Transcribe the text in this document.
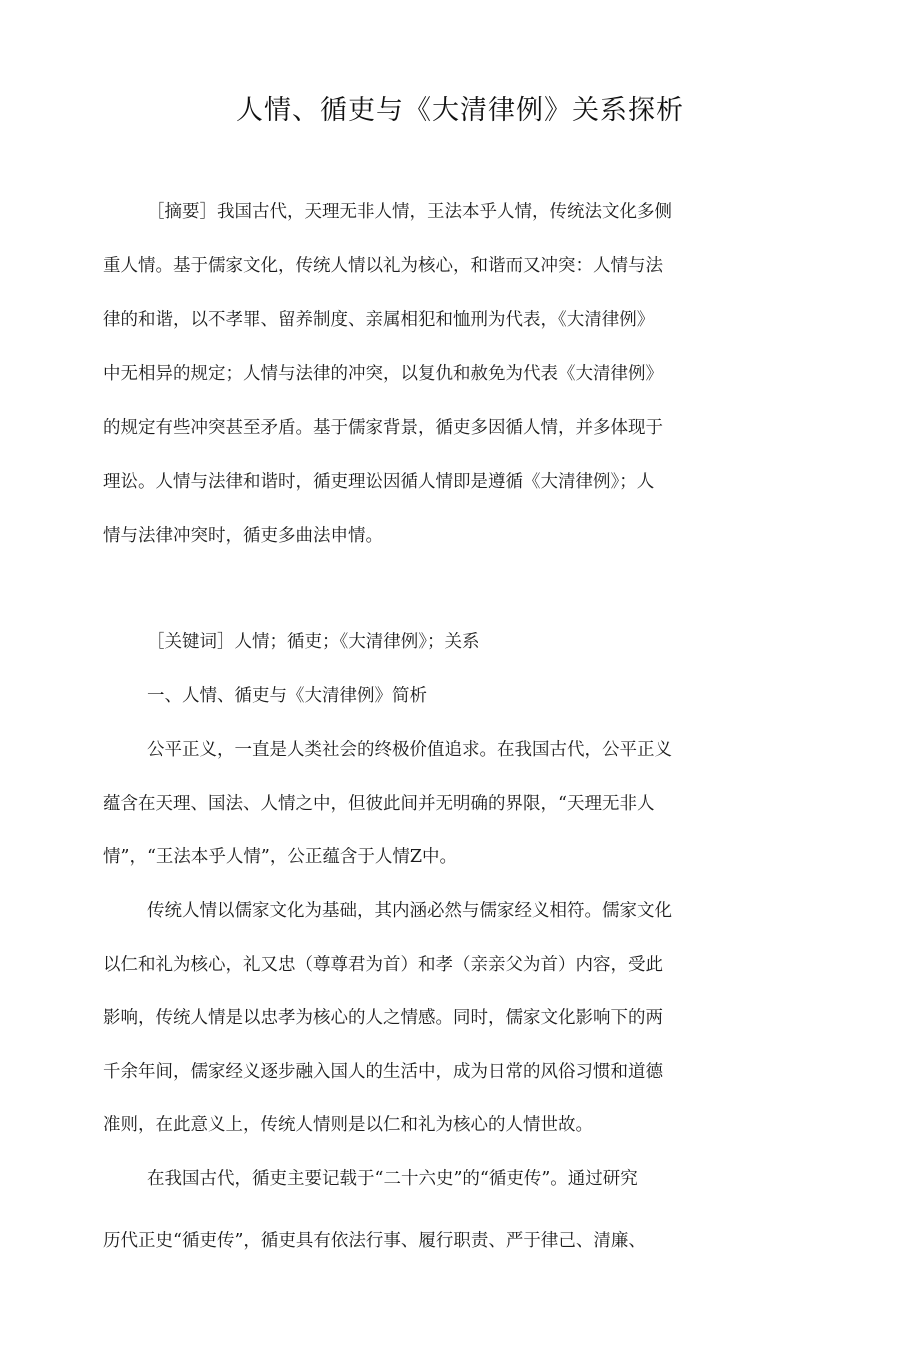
人情、循吏与《大清律例》关系探析
［摘要］我国古代，天理无非人情，王法本乎人情，传统法文化多侧
重人情。基于儒家文化，传统人情以礼为核心，和谐而又冲突：人情与法
律的和谐，以不孝罪、留养制度、亲属相犯和恤刑为代表，《大清律例》
中无相异的规定；人情与法律的冲突，以复仇和赦免为代表《大清律例》
的规定有些冲突甚至矛盾。基于儒家背景，循吏多因循人情，并多体现于
理讼。人情与法律和谐时，循吏理讼因循人情即是遵循《大清律例》；人
情与法律冲突时，循吏多曲法申情。
［关键词］人情；循吏；《大清律例》；关系
一、人情、循吏与《大清律例》简析
公平正义，一直是人类社会的终极价值追求。在我国古代，公平正义
蕴含在天理、国法、人情之中，但彼此间并无明确的界限，“天理无非人
情”，“王法本乎人情”，公正蕴含于人情Z中。
传统人情以儒家文化为基础，其内涵必然与儒家经义相符。儒家文化
以仁和礼为核心，礼又忠（尊尊君为首）和孝（亲亲父为首）内容，受此
影响，传统人情是以忠孝为核心的人之情感。同时，儒家文化影响下的两
千余年间，儒家经义逐步融入国人的生活中，成为日常的风俗习惯和道德
准则，在此意义上，传统人情则是以仁和礼为核心的人情世故。
在我国古代，循吏主要记载于“二十六史”的“循吏传”。通过研究
历代正史“循吏传”，循吏具有依法行事、履行职责、严于律己、清廉、
